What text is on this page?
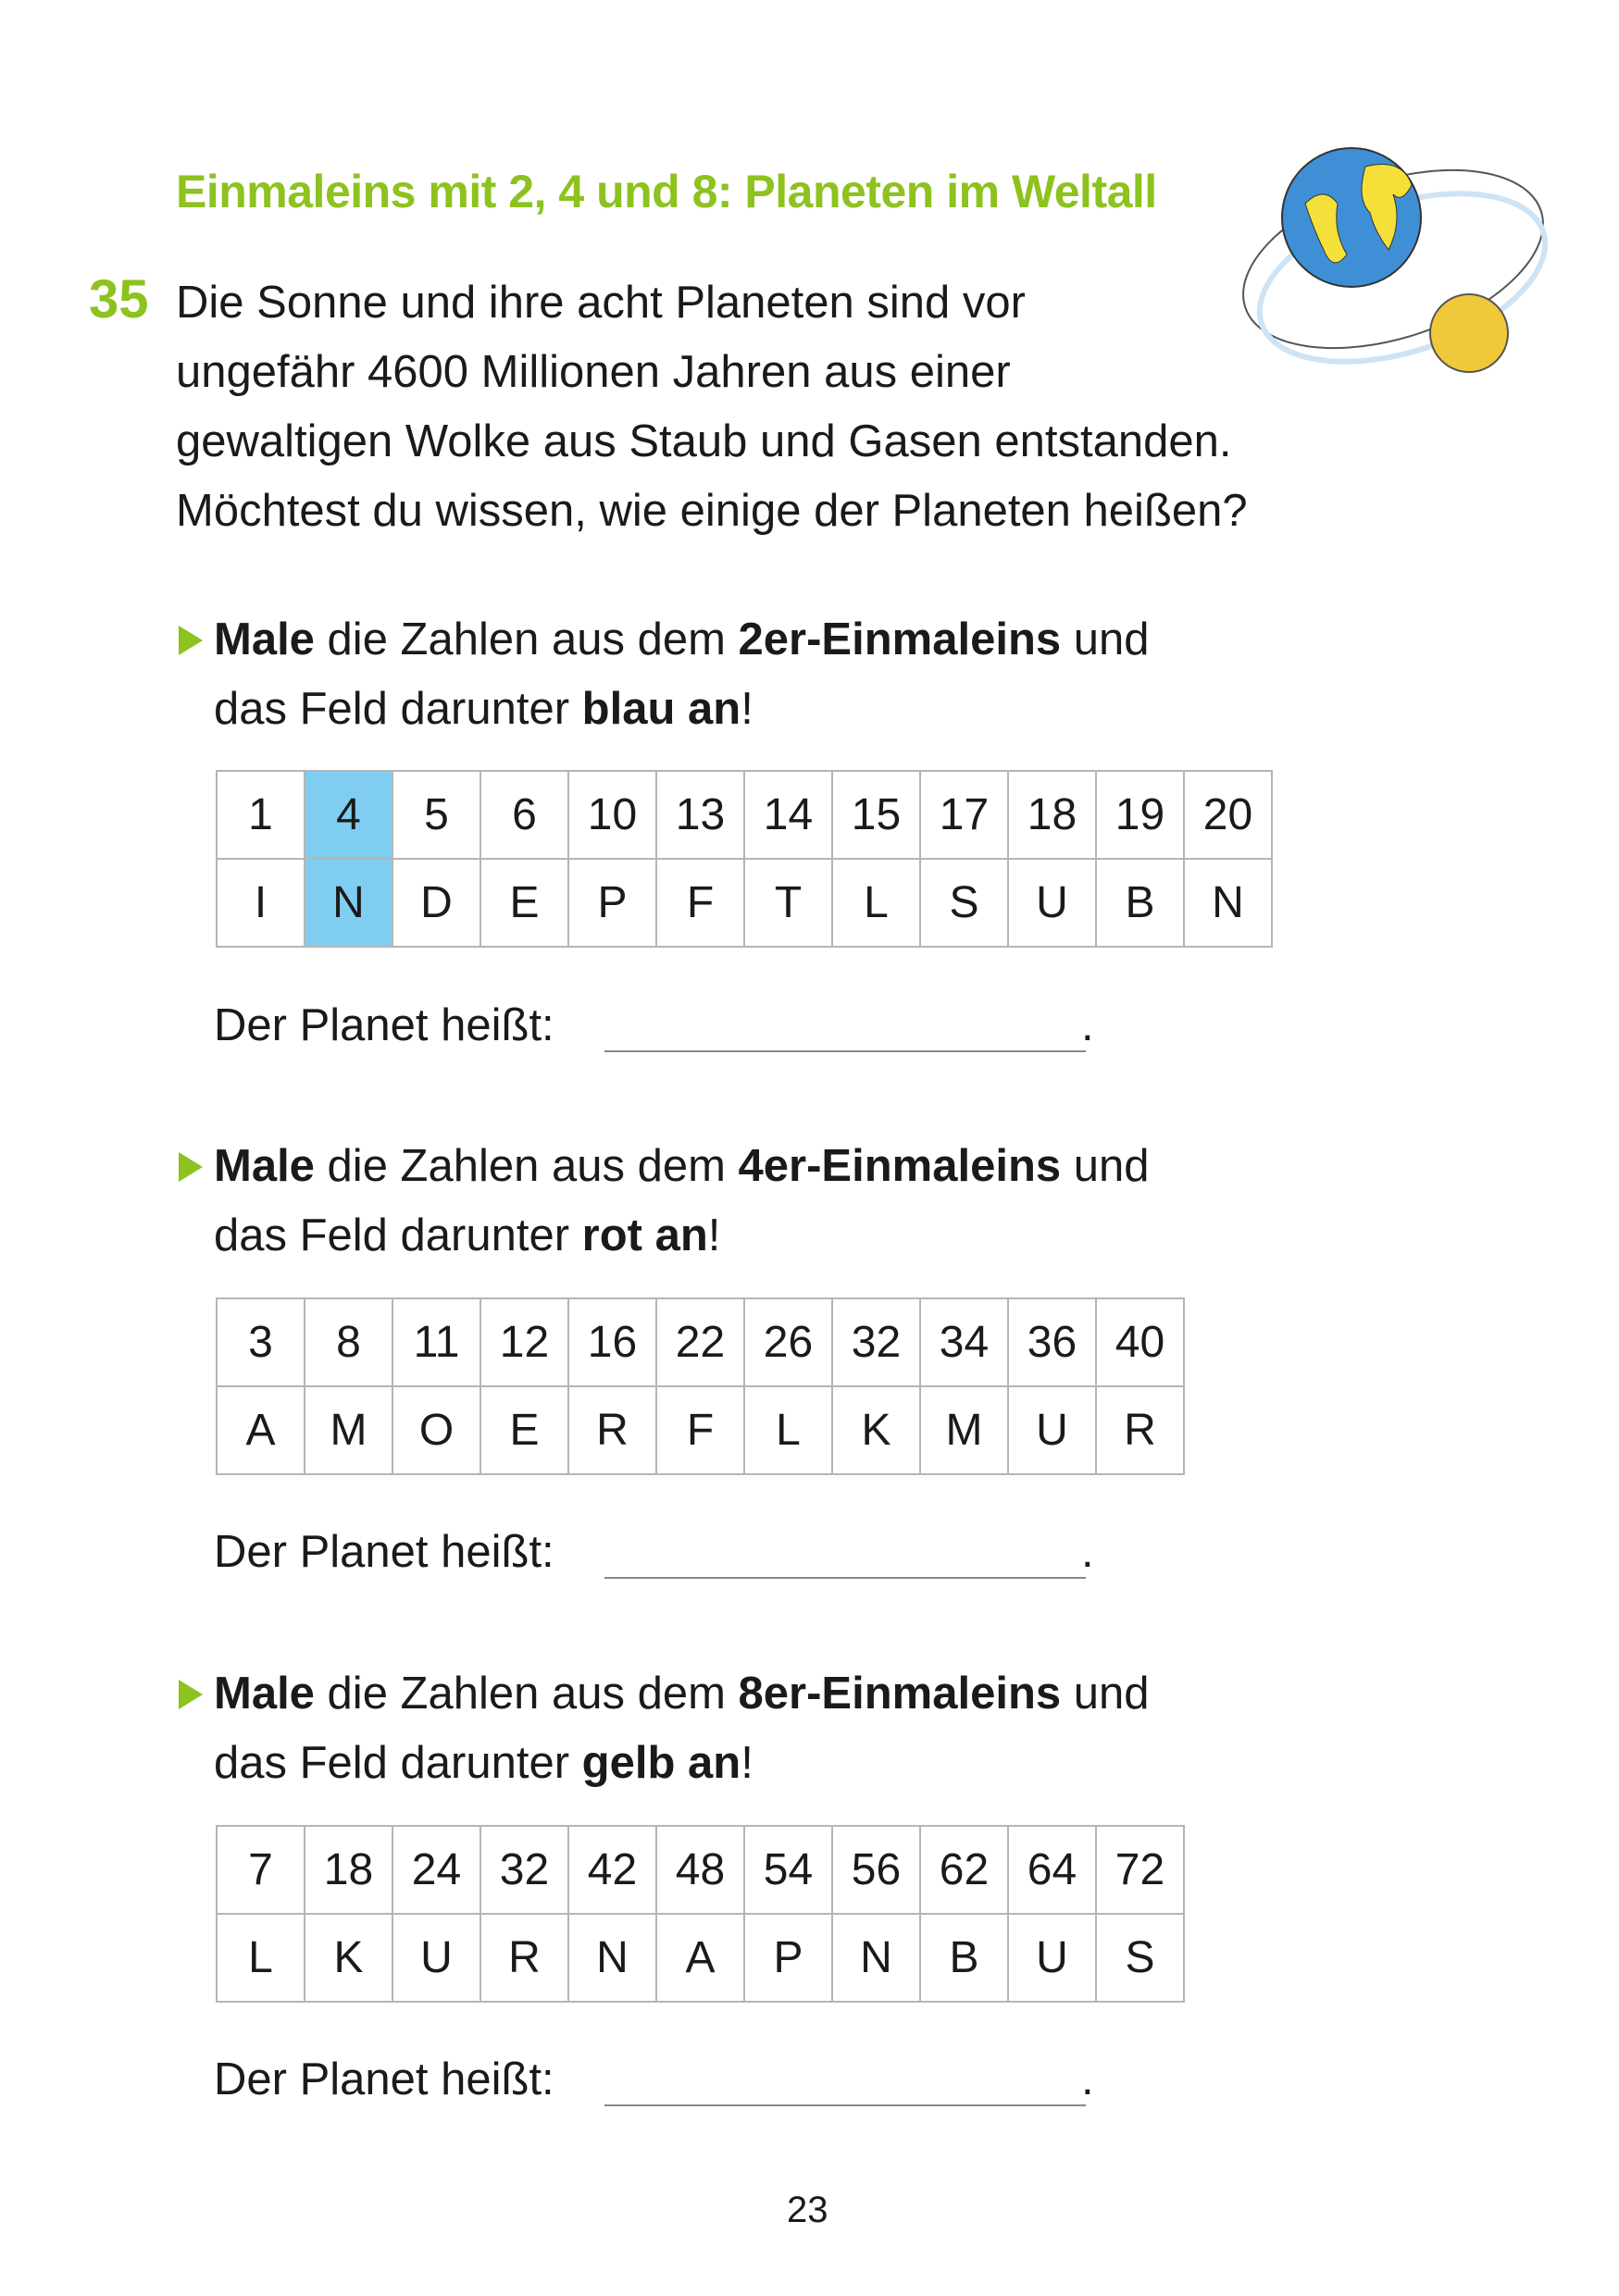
Einmaleins mit 2, 4 und 8: Planeten im Weltall
35 Die Sonne und ihre acht Planeten sind vor
ungefähr 4600 Millionen Jahren aus einer
gewaltigen Wolke aus Staub und Gasen entstanden.
Möchtest du wissen, wie einige der Planeten heißen?
Male die Zahlen aus dem 2er-Einmaleins und
das Feld darunter blau an!
1	4	5	6	10	13	14	15	17	18	19	20
I	N	D	E	P	F	T	L	S	U	B	N
Der Planet heißt:	.
Male die Zahlen aus dem 4er-Einmaleins und
das Feld darunter rot an!
3	8	11	12	16	22	26	32	34	36	40
A	M	O	E	R	F	L	K	M	U	R
Der Planet heißt:	.
Male die Zahlen aus dem 8er-Einmaleins und
das Feld darunter gelb an!
7	18	24	32	42	48	54	56	62	64	72
L	K	U	R	N	A	P	N	B	U	S
Der Planet heißt:	.
23
